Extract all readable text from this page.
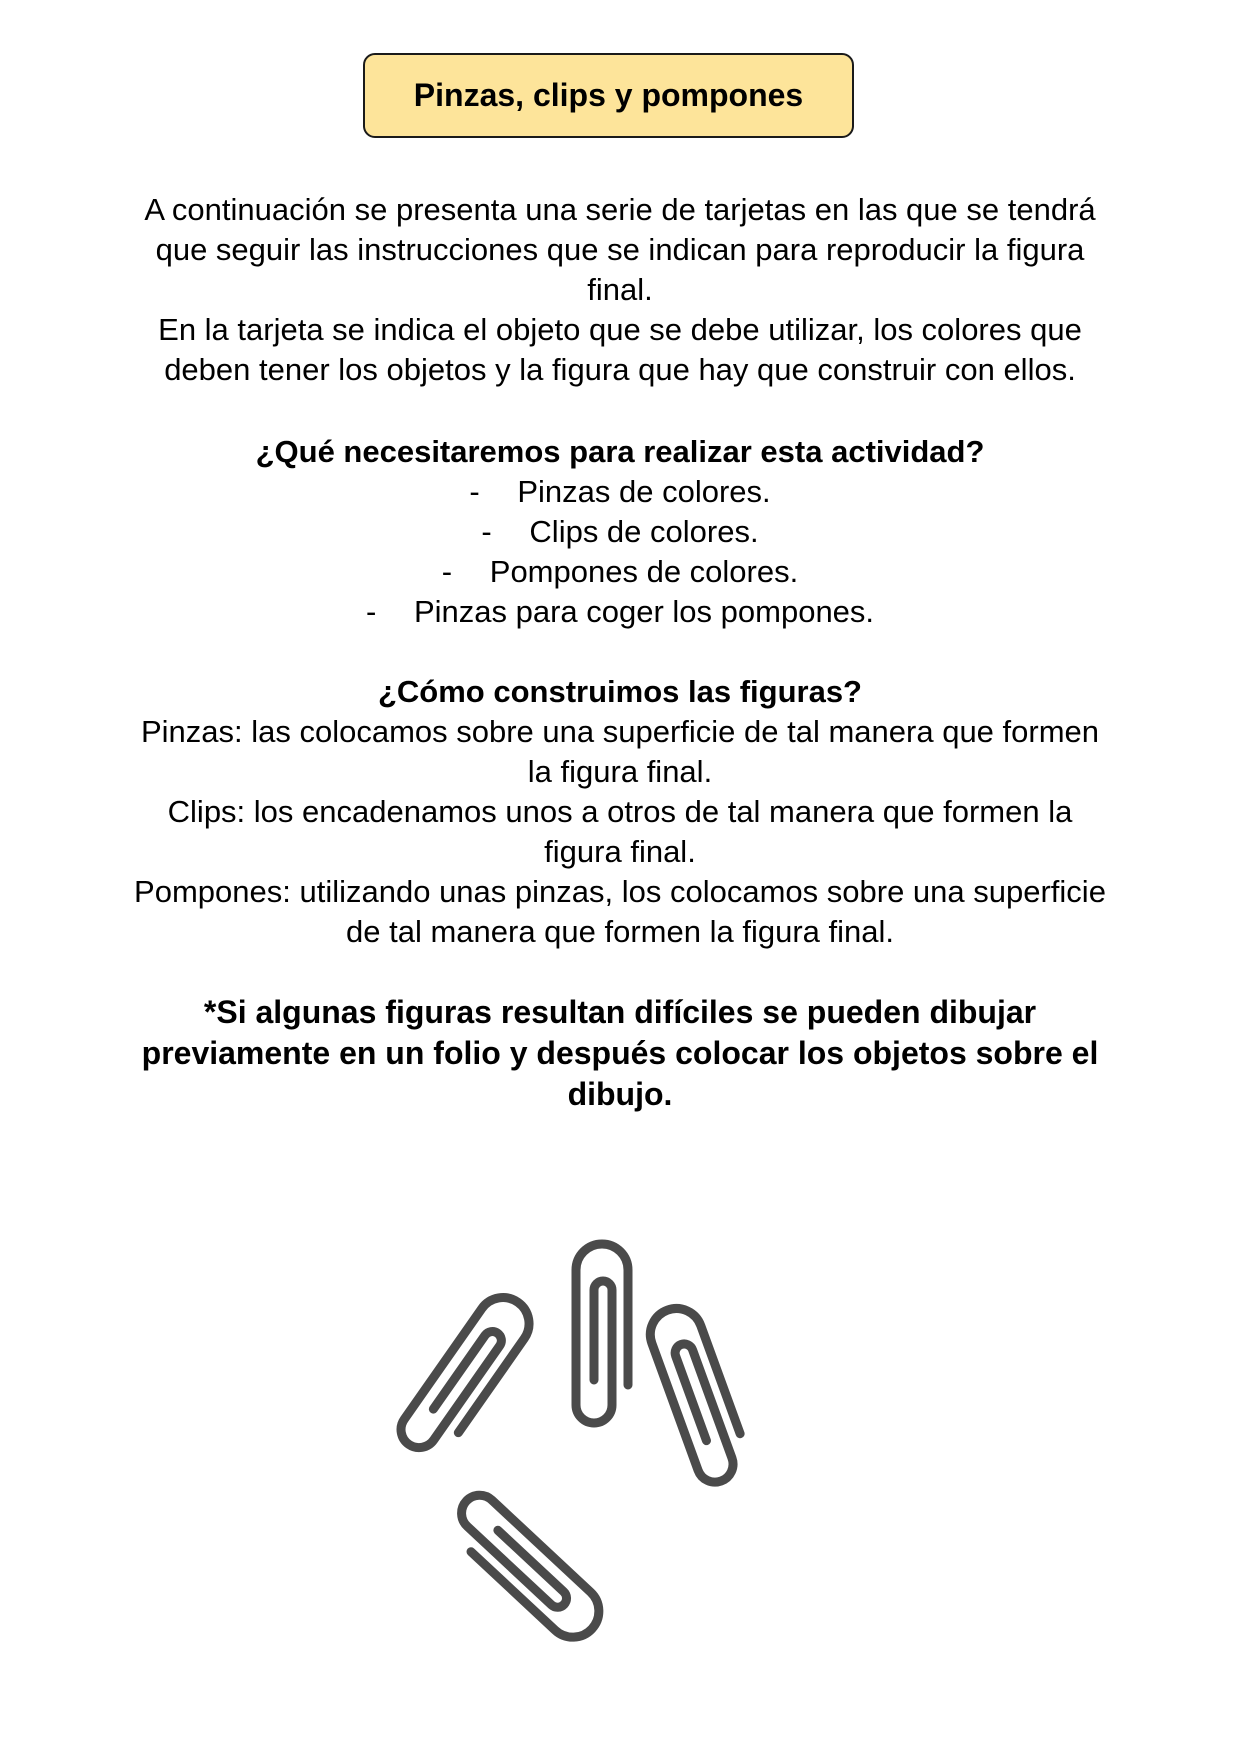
Pinzas, clips y pompones
A continuación se presenta una serie de tarjetas en las que se tendrá
que seguir las instrucciones que se indican para reproducir la figura
final.
En la tarjeta se indica el objeto que se debe utilizar, los colores que
deben tener los objetos y la figura que hay que construir con ellos.
¿Qué necesitaremos para realizar esta actividad?
- Pinzas de colores.
- Clips de colores.
- Pompones de colores.
- Pinzas para coger los pompones.
¿Cómo construimos las figuras?
Pinzas: las colocamos sobre una superficie de tal manera que formen
la figura final.
Clips: los encadenamos unos a otros de tal manera que formen la
figura final.
Pompones: utilizando unas pinzas, los colocamos sobre una superficie
de tal manera que formen la figura final.
*Si algunas figuras resultan difíciles se pueden dibujar
previamente en un folio y después colocar los objetos sobre el
dibujo.
